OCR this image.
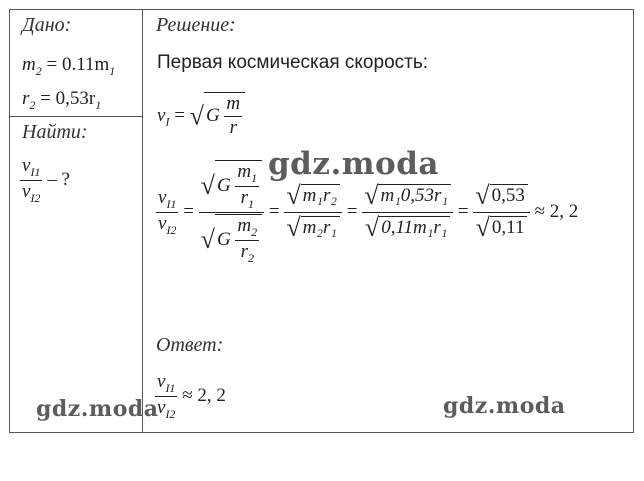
Дано:
$m_2 = 0.11m_1$
$r_2 = 0,53r_1$
Найти:
$\frac{v_{I1}}{v_{I2}}$ – ?
Решение:
Первая космическая скорость:
$v_I$ = √ G $\frac{m}{r}$
$\frac{v_{I1}}{v_{I2}} = \frac{√ G \frac{m_1}{r_1}}{√ G \frac{m_2}{r_2}} = \frac{\text{√ m₁r₂}}{\text{√ m₂r₁}} = \frac{\text{√ m₁0,53r₁}}{\text{√ 0,11m₁r₁}} = \frac{√ 0,53}{√ 0,11} \approx 2$, 2
Ответ:
$\frac{v_{I1}}{v_{I2}} \approx 2$, 2
gdz.moda
gdz.moda	gdz.moda
